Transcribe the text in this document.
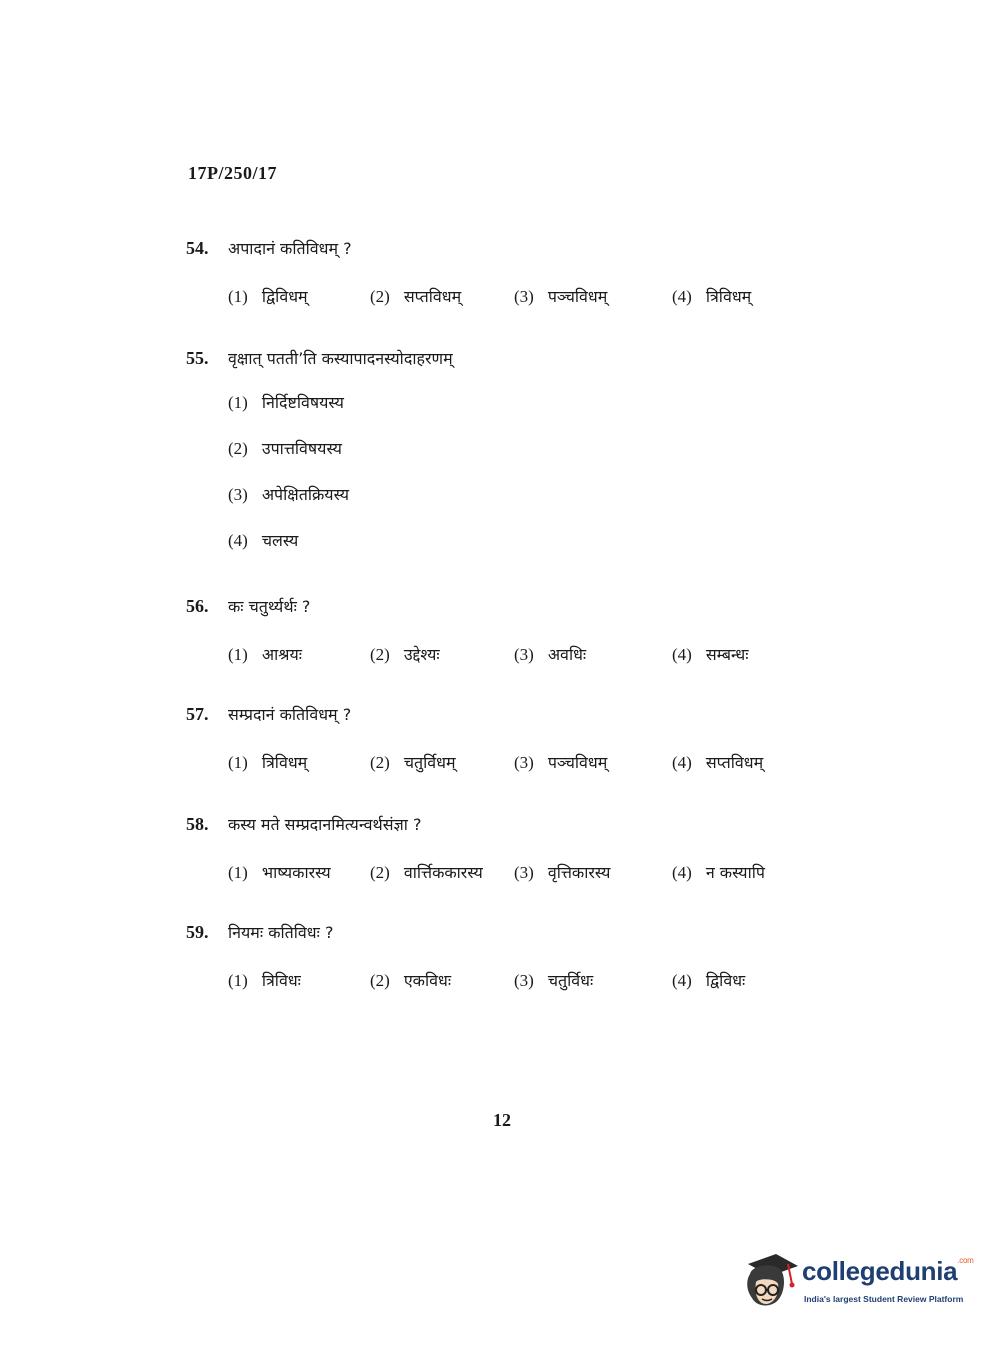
17P/250/17
54.	अपादानं कतिविधम् ?
(1) द्विविधम्	(2) सप्तविधम्	(3) पञ्चविधम्	(4) त्रिविधम्
55.	वृक्षात् पतती’ति कस्यापादनस्योदाहरणम्
(1) निर्दिष्टविषयस्य
(2) उपात्तविषयस्य
(3) अपेक्षितक्रियस्य
(4) चलस्य
56.	कः चतुर्थ्यर्थः ?
(1) आश्रयः	(2) उद्देश्यः	(3) अवधिः	(4) सम्बन्धः
57.	सम्प्रदानं कतिविधम् ?
(1) त्रिविधम्	(2) चतुर्विधम्	(3) पञ्चविधम्	(4) सप्तविधम्
58.	कस्य मते सम्प्रदानमित्यन्वर्थसंज्ञा ?
(1) भाष्यकारस्य (2) वार्त्तिककारस्य (3) वृत्तिकारस्य	(4) न कस्यापि
59.	नियमः कतिविधः ?
(1) त्रिविधः	(2) एकविधः	(3) चतुर्विधः	(4) द्विविधः
12
collegedunia$^{.com}$
India's largest Student Review Platform
